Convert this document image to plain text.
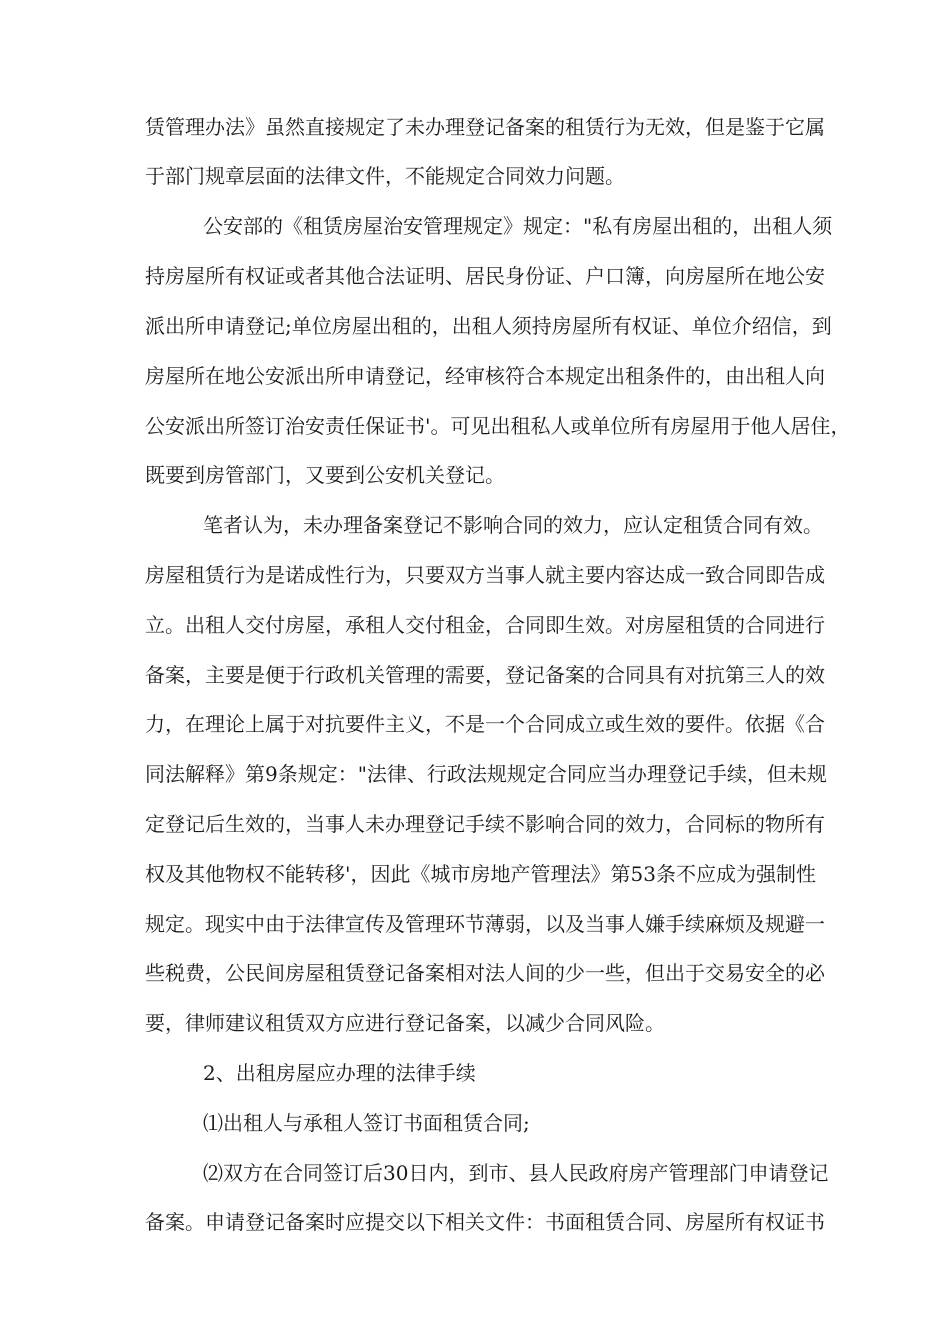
赁管理办法》虽然直接规定了未办理登记备案的租赁行为无效，但是鉴于它属
于部门规章层面的法律文件，不能规定合同效力问题。
公安部的《租赁房屋治安管理规定》规定："私有房屋出租的，出租人须
持房屋所有权证或者其他合法证明、居民身份证、户口簿，向房屋所在地公安
派出所申请登记;单位房屋出租的，出租人须持房屋所有权证、单位介绍信，到
房屋所在地公安派出所申请登记，经审核符合本规定出租条件的，由出租人向
公安派出所签订治安责任保证书'。可见出租私人或单位所有房屋用于他人居住，
既要到房管部门，又要到公安机关登记。
笔者认为，未办理备案登记不影响合同的效力，应认定租赁合同有效。
房屋租赁行为是诺成性行为，只要双方当事人就主要内容达成一致合同即告成
立。出租人交付房屋，承租人交付租金，合同即生效。对房屋租赁的合同进行
备案，主要是便于行政机关管理的需要，登记备案的合同具有对抗第三人的效
力，在理论上属于对抗要件主义，不是一个合同成立或生效的要件。依据《合
同法解释》第9条规定："法律、行政法规规定合同应当办理登记手续，但未规
定登记后生效的，当事人未办理登记手续不影响合同的效力，合同标的物所有
权及其他物权不能转移'，因此《城市房地产管理法》第53条不应成为强制性
规定。现实中由于法律宣传及管理环节薄弱，以及当事人嫌手续麻烦及规避一
些税费，公民间房屋租赁登记备案相对法人间的少一些，但出于交易安全的必
要，律师建议租赁双方应进行登记备案，以减少合同风险。
2、出租房屋应办理的法律手续
⑴出租人与承租人签订书面租赁合同;
⑵双方在合同签订后30日内，到市、县人民政府房产管理部门申请登记
备案。申请登记备案时应提交以下相关文件：书面租赁合同、房屋所有权证书
